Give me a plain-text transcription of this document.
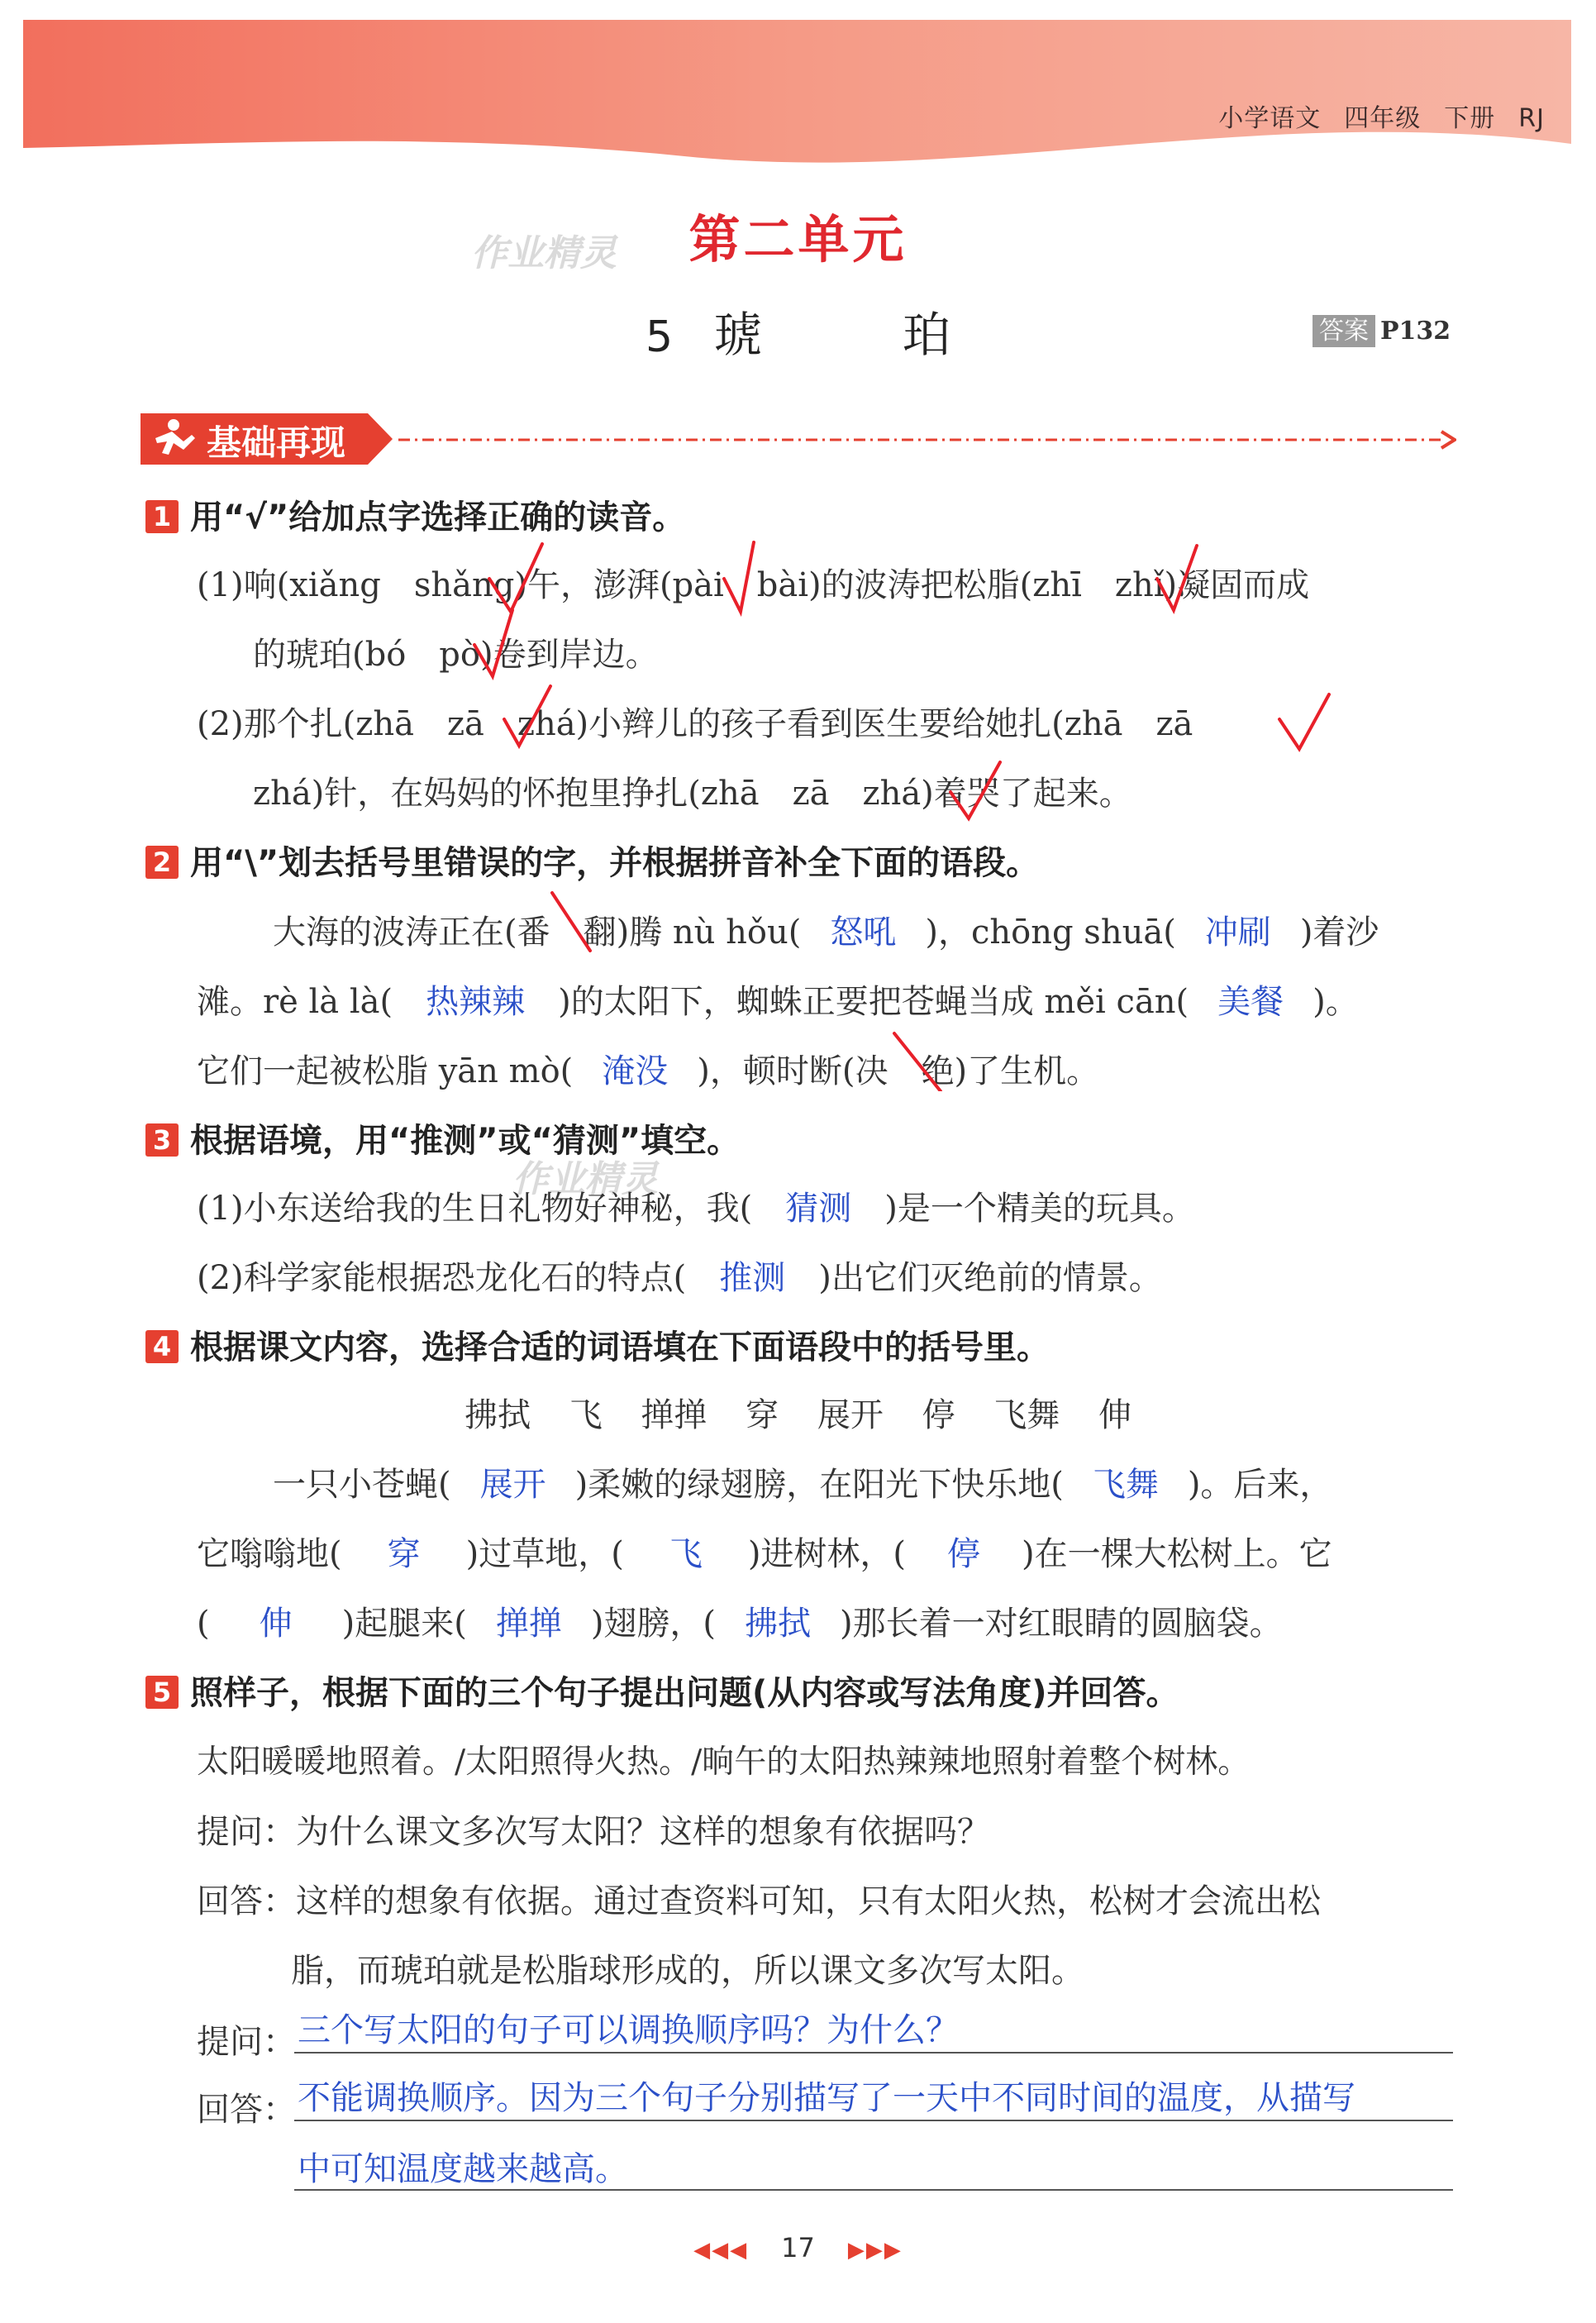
小学语文 四年级 下册 RJ
作业精灵
作业精灵
第二单元
5 琥	珀	答案 P132
基础再现
1 用“√”给加点字选择正确的读音。
(1)响(xiǎng　shǎng)午，澎湃(pài　bài)的波涛把松脂(zhī　zhǐ)凝固而成
的琥珀(bó　pò)卷到岸边。
(2)那个扎(zhā　zā　zhá)小辫儿的孩子看到医生要给她扎(zhā　zā
zhá)针，在妈妈的怀抱里挣扎(zhā　zā　zhá)着哭了起来。
2 用“\”划去括号里错误的字，并根据拼音补全下面的语段。
大海的波涛正在(番　翻)腾 nù hǒu( 怒吼 )，chōng shuā( 冲刷 )着沙
滩。rè là là( 热辣辣 )的太阳下，蜘蛛正要把苍蝇当成 měi cān( 美餐 )。
它们一起被松脂 yān mò( 淹没 )，顿时断(决　绝)了生机。
3 根据语境，用“推测”或“猜测”填空。
(1)小东送给我的生日礼物好神秘，我( 猜测 )是一个精美的玩具。
(2)科学家能根据恐龙化石的特点( 推测 )出它们灭绝前的情景。
4 根据课文内容，选择合适的词语填在下面语段中的括号里。
拂拭 飞 掸掸 穿 展开 停 飞舞 伸
一只小苍蝇( 展开 )柔嫩的绿翅膀，在阳光下快乐地( 飞舞 )。后来，
它嗡嗡地( 穿 )过草地，( 飞 )进树林，( 停 )在一棵大松树上。它
( 伸 )起腿来( 掸掸 )翅膀，( 拂拭 )那长着一对红眼睛的圆脑袋。
5 照样子，根据下面的三个句子提出问题(从内容或写法角度)并回答。
太阳暖暖地照着。/太阳照得火热。/晌午的太阳热辣辣地照射着整个树林。
提问：为什么课文多次写太阳？这样的想象有依据吗？
回答：这样的想象有依据。通过查资料可知，只有太阳火热，松树才会流出松
脂，而琥珀就是松脂球形成的，所以课文多次写太阳。
提问： 三个写太阳的句子可以调换顺序吗？为什么？
回答： 不能调换顺序。因为三个句子分别描写了一天中不同时间的温度，从描写
中可知温度越来越高。
◀◀◀ 17 ▶▶▶
